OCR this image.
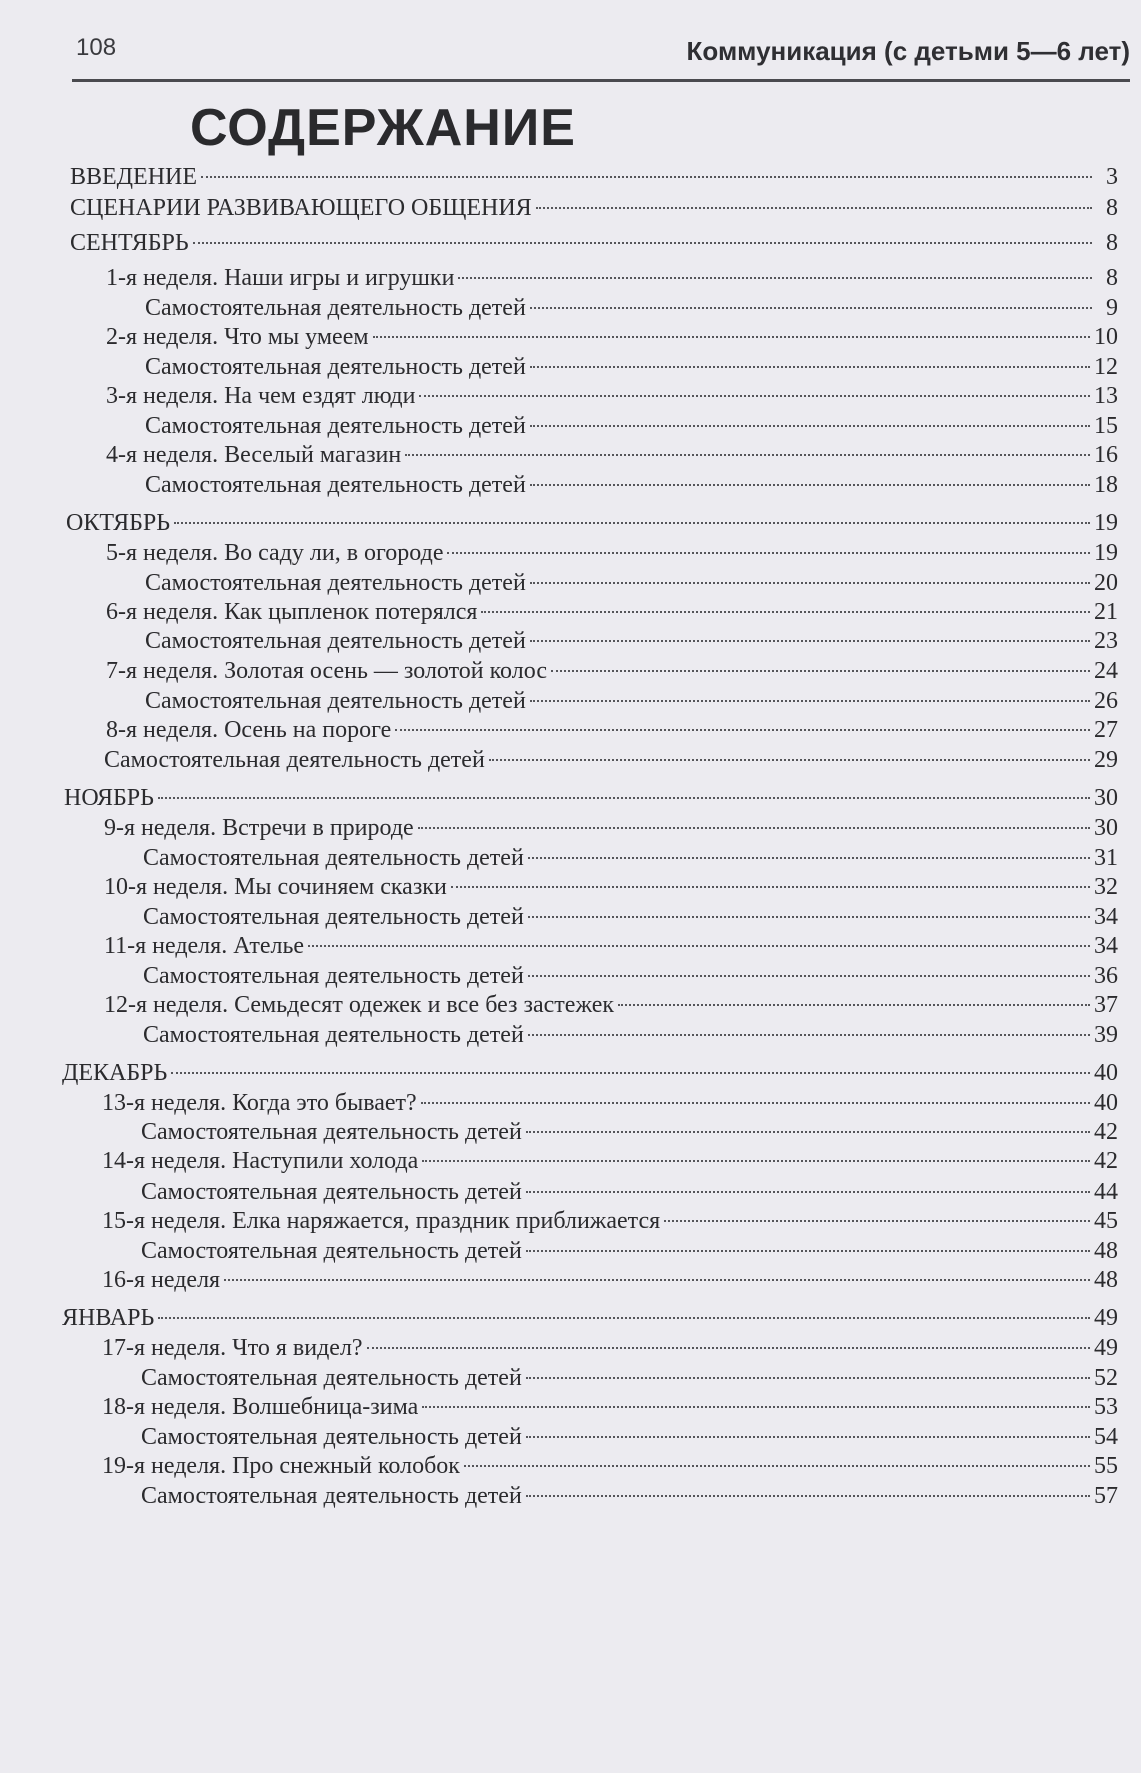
108	Коммуникация (с детьми 5—6 лет)
СОДЕРЖАНИЕ
ВВЕДЕНИЕ	3
СЦЕНАРИИ РАЗВИВАЮЩЕГО ОБЩЕНИЯ	8
СЕНТЯБРЬ	8
1-я неделя. Наши игры и игрушки	8
Самостоятельная деятельность детей	9
2-я неделя. Что мы умеем	10
Самостоятельная деятельность детей	12
3-я неделя. На чем ездят люди	13
Самостоятельная деятельность детей	15
4-я неделя. Веселый магазин	16
Самостоятельная деятельность детей	18
ОКТЯБРЬ	19
5-я неделя. Во саду ли, в огороде	19
Самостоятельная деятельность детей	20
6-я неделя. Как цыпленок потерялся	21
Самостоятельная деятельность детей	23
7-я неделя. Золотая осень — золотой колос	24
Самостоятельная деятельность детей	26
8-я неделя. Осень на пороге	27
Самостоятельная деятельность детей	29
НОЯБРЬ	30
9-я неделя. Встречи в природе	30
Самостоятельная деятельность детей	31
10-я неделя. Мы сочиняем сказки	32
Самостоятельная деятельность детей	34
11-я неделя. Ателье	34
Самостоятельная деятельность детей	36
12-я неделя. Семьдесят одежек и все без застежек	37
Самостоятельная деятельность детей	39
ДЕКАБРЬ	40
13-я неделя. Когда это бывает?	40
Самостоятельная деятельность детей	42
14-я неделя. Наступили холода	42
Самостоятельная деятельность детей	44
15-я неделя. Елка наряжается, праздник приближается	45
Самостоятельная деятельность детей	48
16-я неделя	48
ЯНВАРЬ	49
17-я неделя. Что я видел?	49
Самостоятельная деятельность детей	52
18-я неделя. Волшебница-зима	53
Самостоятельная деятельность детей	54
19-я неделя. Про снежный колобок	55
Самостоятельная деятельность детей	57
